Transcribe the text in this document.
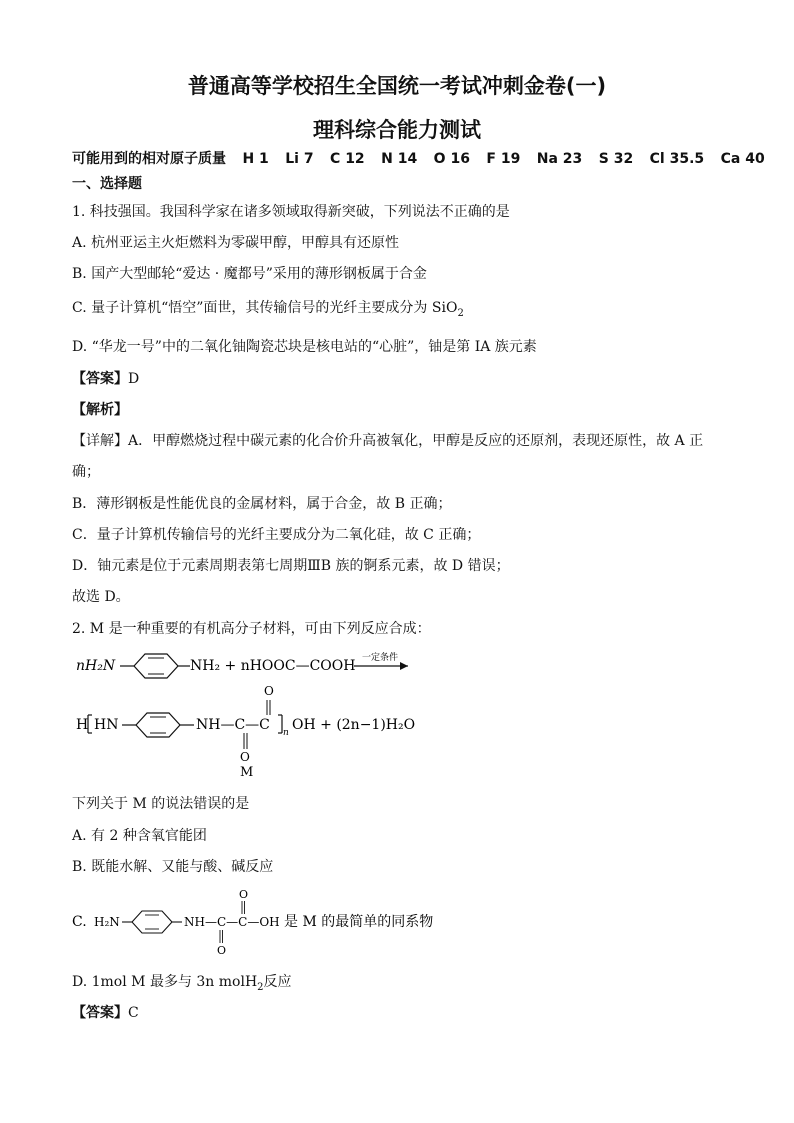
普通高等学校招生全国统一考试冲刺金卷(一)
理科综合能力测试
可能用到的相对原子质量 H 1 Li 7 C 12 N 14 O 16 F 19 Na 23 S 32 Cl 35.5 Ca 40
一、选择题
1. 科技强国。我国科学家在诸多领域取得新突破，下列说法不正确的是
A. 杭州亚运主火炬燃料为零碳甲醇，甲醇具有还原性
B. 国产大型邮轮“爱达 · 魔都号”采用的薄形钢板属于合金
C. 量子计算机“悟空”面世，其传输信号的光纤主要成分为 SiO$_2$
D. “华龙一号”中的二氧化铀陶瓷芯块是核电站的“心脏”，铀是第 ⅠA 族元素
【答案】D
【解析】
【详解】A．甲醇燃烧过程中碳元素的化合价升高被氧化，甲醇是反应的还原剂，表现还原性，故 A 正
确；
B．薄形钢板是性能优良的金属材料，属于合金，故 B 正确；
C．量子计算机传输信号的光纤主要成分为二氧化硅，故 C 正确；
D．铀元素是位于元素周期表第七周期ⅢB 族的锕系元素，故 D 错误；
故选 D。
2. M 是一种重要的有机高分子材料，可由下列反应合成：
nH₂N	NH₂ + nHOOC—COOH 一定条件
H HN	NH—C—C
O
O
n OH + (2n−1)H₂O
M
下列关于 M 的说法错误的是
A. 有 2 种含氧官能团
B. 既能水解、又能与酸、碱反应
C. H₂N	NH—C—C—OH
O
O
是 M 的最简单的同系物
D. 1mol M 最多与 3n molH$_2$反应
【答案】C
